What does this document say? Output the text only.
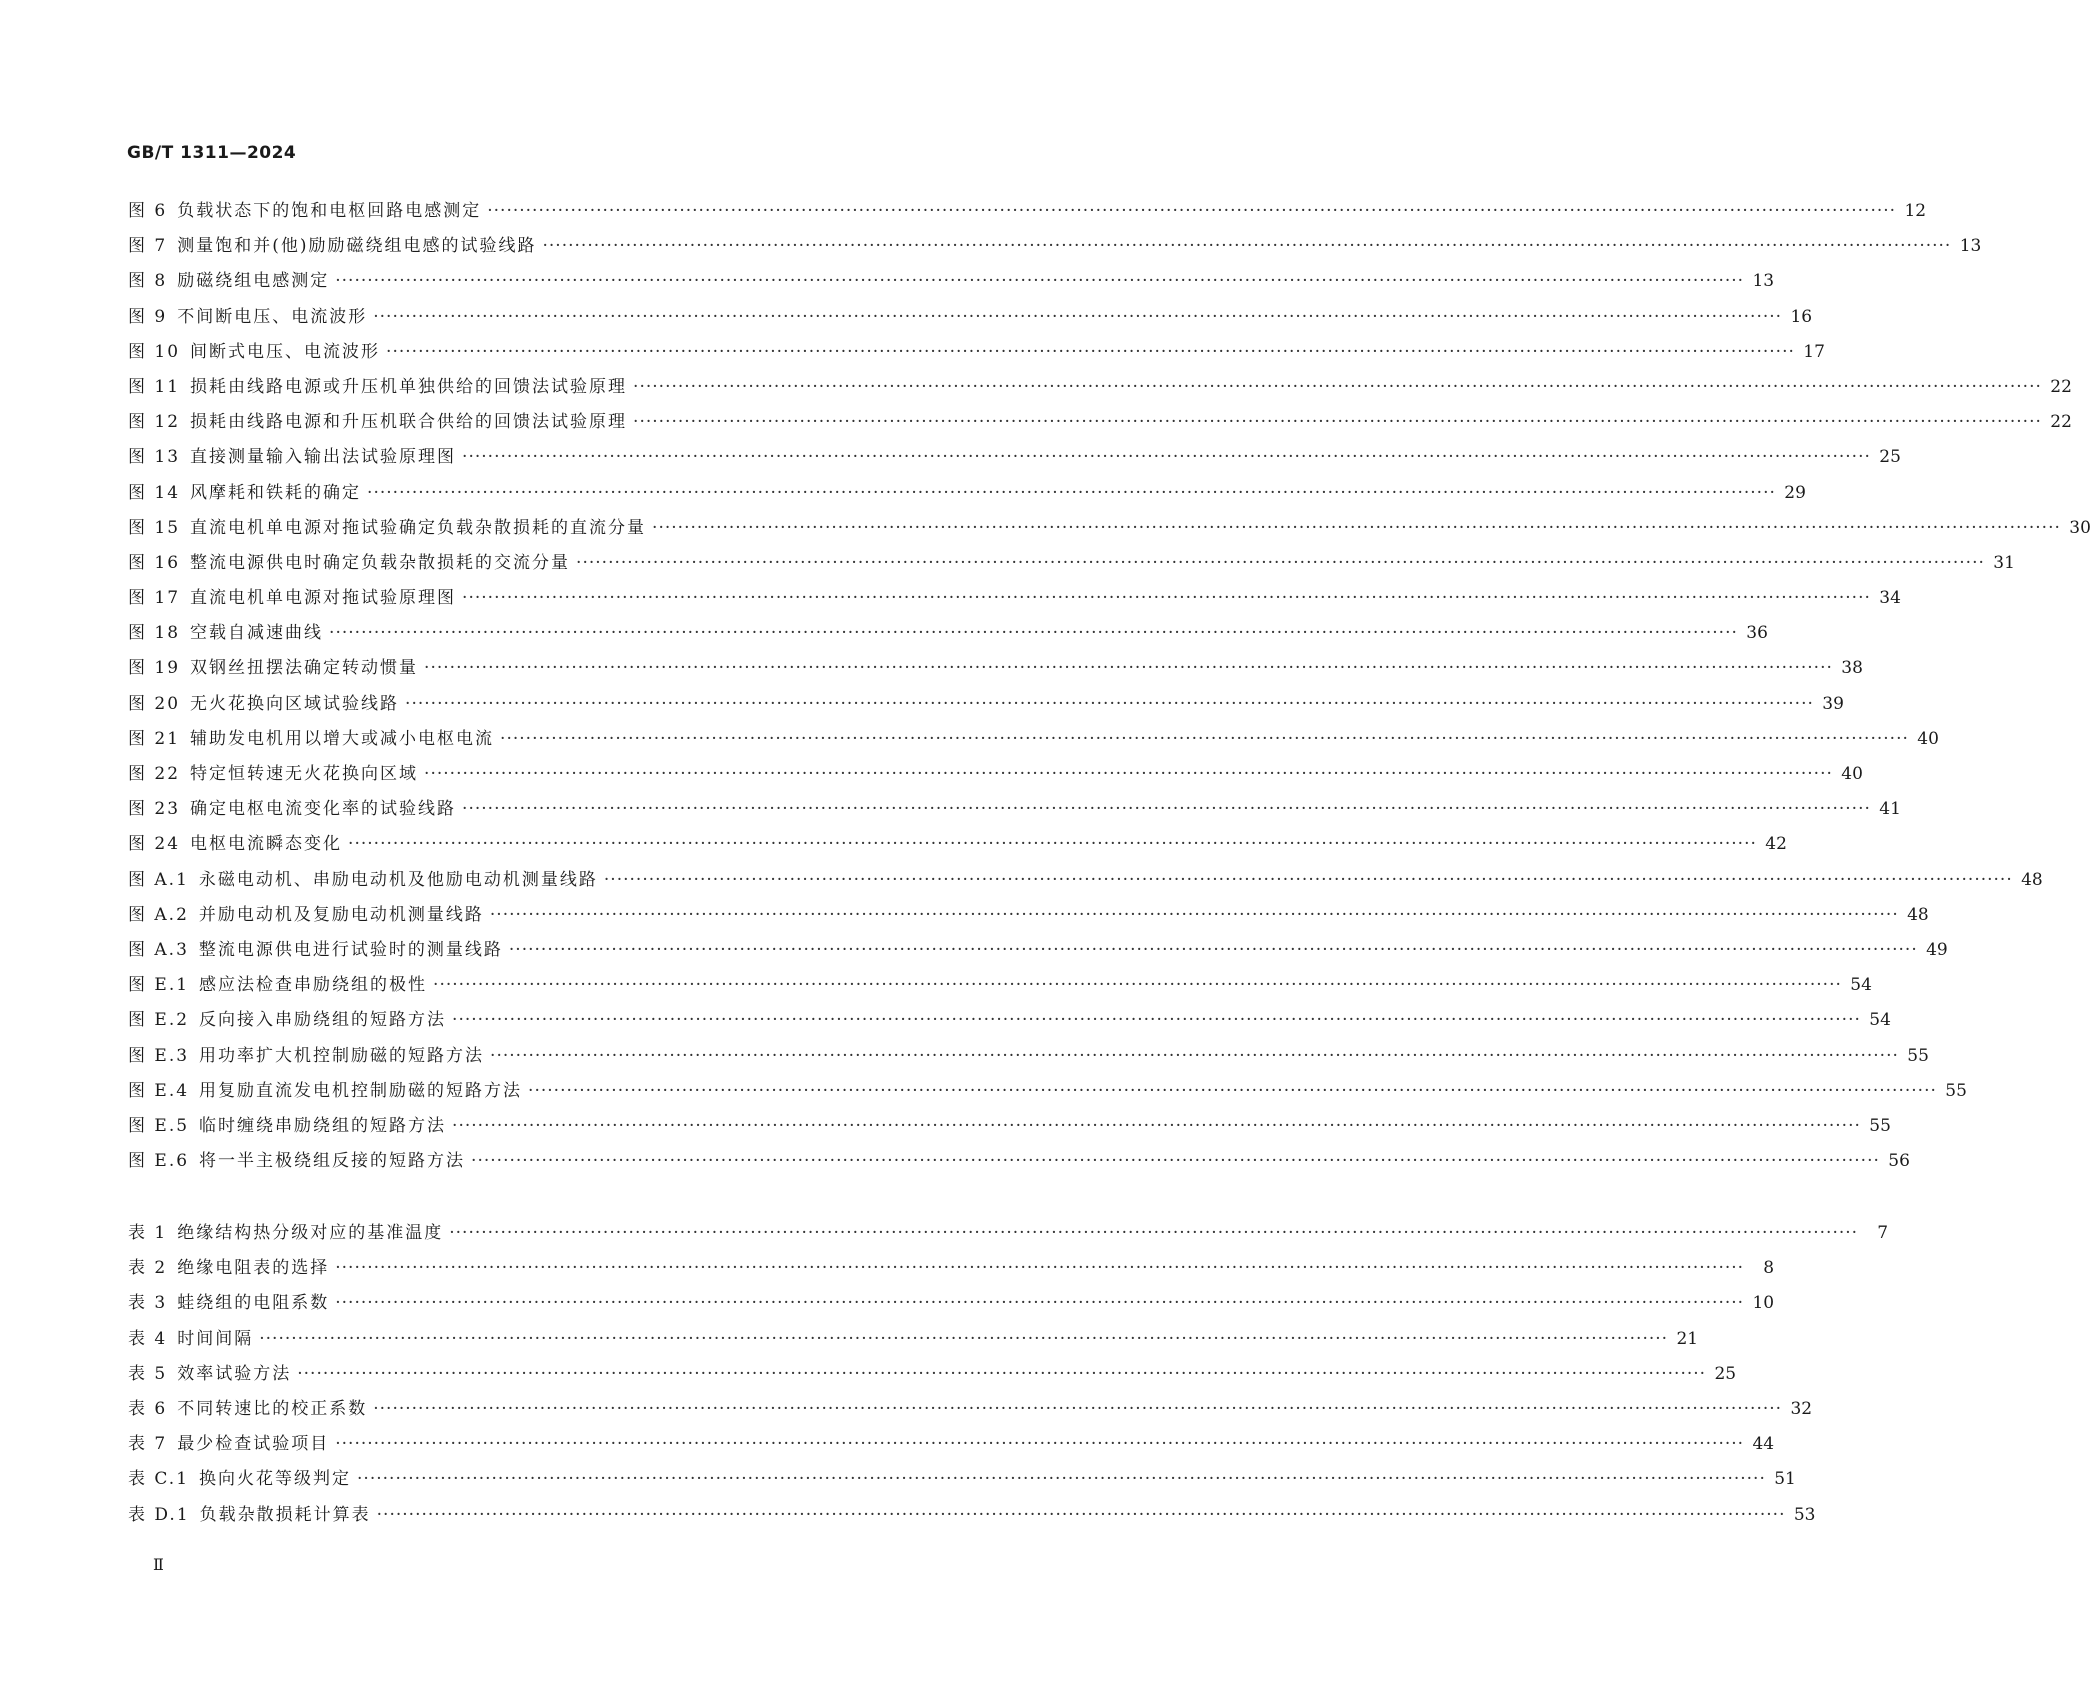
GB/T 1311—2024
图 6 负载状态下的饱和电枢回路电感测定 ···························································································································································································································· 12
图 7 测量饱和并(他)励励磁绕组电感的试验线路 ···························································································································································································································· 13
图 8 励磁绕组电感测定 ···························································································································································································································· 13
图 9 不间断电压、电流波形 ···························································································································································································································· 16
图 10 间断式电压、电流波形 ···························································································································································································································· 17
图 11 损耗由线路电源或升压机单独供给的回馈法试验原理 ···························································································································································································································· 22
图 12 损耗由线路电源和升压机联合供给的回馈法试验原理 ···························································································································································································································· 22
图 13 直接测量输入输出法试验原理图 ···························································································································································································································· 25
图 14 风摩耗和铁耗的确定 ···························································································································································································································· 29
图 15 直流电机单电源对拖试验确定负载杂散损耗的直流分量 ···························································································································································································································· 30
图 16 整流电源供电时确定负载杂散损耗的交流分量 ···························································································································································································································· 31
图 17 直流电机单电源对拖试验原理图 ···························································································································································································································· 34
图 18 空载自减速曲线 ···························································································································································································································· 36
图 19 双钢丝扭摆法确定转动惯量 ···························································································································································································································· 38
图 20 无火花换向区域试验线路 ···························································································································································································································· 39
图 21 辅助发电机用以增大或减小电枢电流 ···························································································································································································································· 40
图 22 特定恒转速无火花换向区域 ···························································································································································································································· 40
图 23 确定电枢电流变化率的试验线路 ···························································································································································································································· 41
图 24 电枢电流瞬态变化 ···························································································································································································································· 42
图 A.1 永磁电动机、串励电动机及他励电动机测量线路 ···························································································································································································································· 48
图 A.2 并励电动机及复励电动机测量线路 ···························································································································································································································· 48
图 A.3 整流电源供电进行试验时的测量线路 ···························································································································································································································· 49
图 E.1 感应法检查串励绕组的极性 ···························································································································································································································· 54
图 E.2 反向接入串励绕组的短路方法 ···························································································································································································································· 54
图 E.3 用功率扩大机控制励磁的短路方法 ···························································································································································································································· 55
图 E.4 用复励直流发电机控制励磁的短路方法 ···························································································································································································································· 55
图 E.5 临时缠绕串励绕组的短路方法 ···························································································································································································································· 55
图 E.6 将一半主极绕组反接的短路方法 ···························································································································································································································· 56
表 1 绝缘结构热分级对应的基准温度 ····························································································································································································································	7
表 2 绝缘电阻表的选择 ····························································································································································································································	8
表 3 蛙绕组的电阻系数 ···························································································································································································································· 10
表 4 时间间隔 ···························································································································································································································· 21
表 5 效率试验方法 ···························································································································································································································· 25
表 6 不同转速比的校正系数 ···························································································································································································································· 32
表 7 最少检查试验项目 ···························································································································································································································· 44
表 C.1 换向火花等级判定 ···························································································································································································································· 51
表 D.1 负载杂散损耗计算表 ···························································································································································································································· 53
Ⅱ
